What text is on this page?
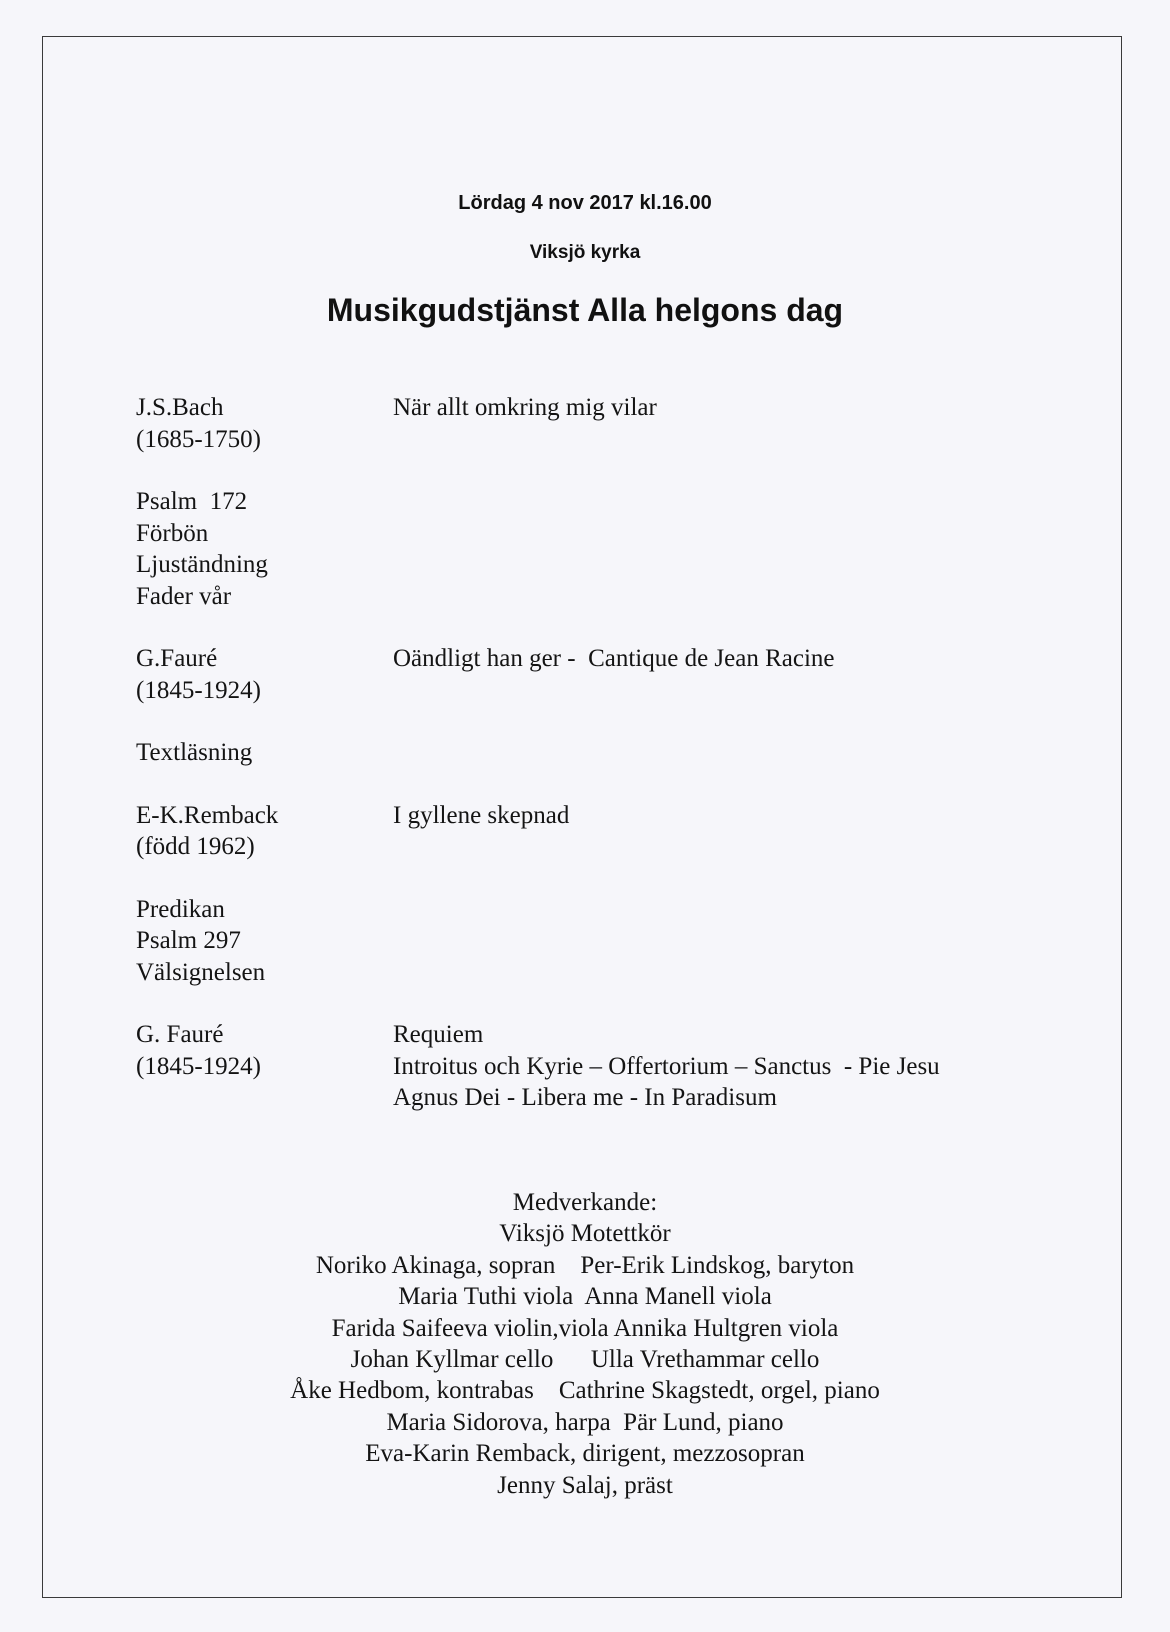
Lördag 4 nov 2017 kl.16.00
Viksjö kyrka
Musikgudstjänst Alla helgons dag
J.S.Bach
(1685-1750)
När allt omkring mig vilar
Psalm  172
Förbön
Ljuständning
Fader vår
G.Fauré
(1845-1924)
Oändligt han ger -  Cantique de Jean Racine
Textläsning
E-K.Remback
(född 1962)
I gyllene skepnad
Predikan
Psalm 297
Välsignelsen
G. Fauré
(1845-1924)
Requiem
Introitus och Kyrie – Offertorium – Sanctus  - Pie Jesu
Agnus Dei - Libera me - In Paradisum
Medverkande:
Viksjö Motettkör
Noriko Akinaga, sopran    Per-Erik Lindskog, baryton
Maria Tuthi viola  Anna Manell viola
Farida Saifeeva violin,viola Annika Hultgren viola
Johan Kyllmar cello      Ulla Vrethammar cello
Åke Hedbom, kontrabas    Cathrine Skagstedt, orgel, piano
Maria Sidorova, harpa  Pär Lund, piano
Eva-Karin Remback, dirigent, mezzosopran
Jenny Salaj, präst
